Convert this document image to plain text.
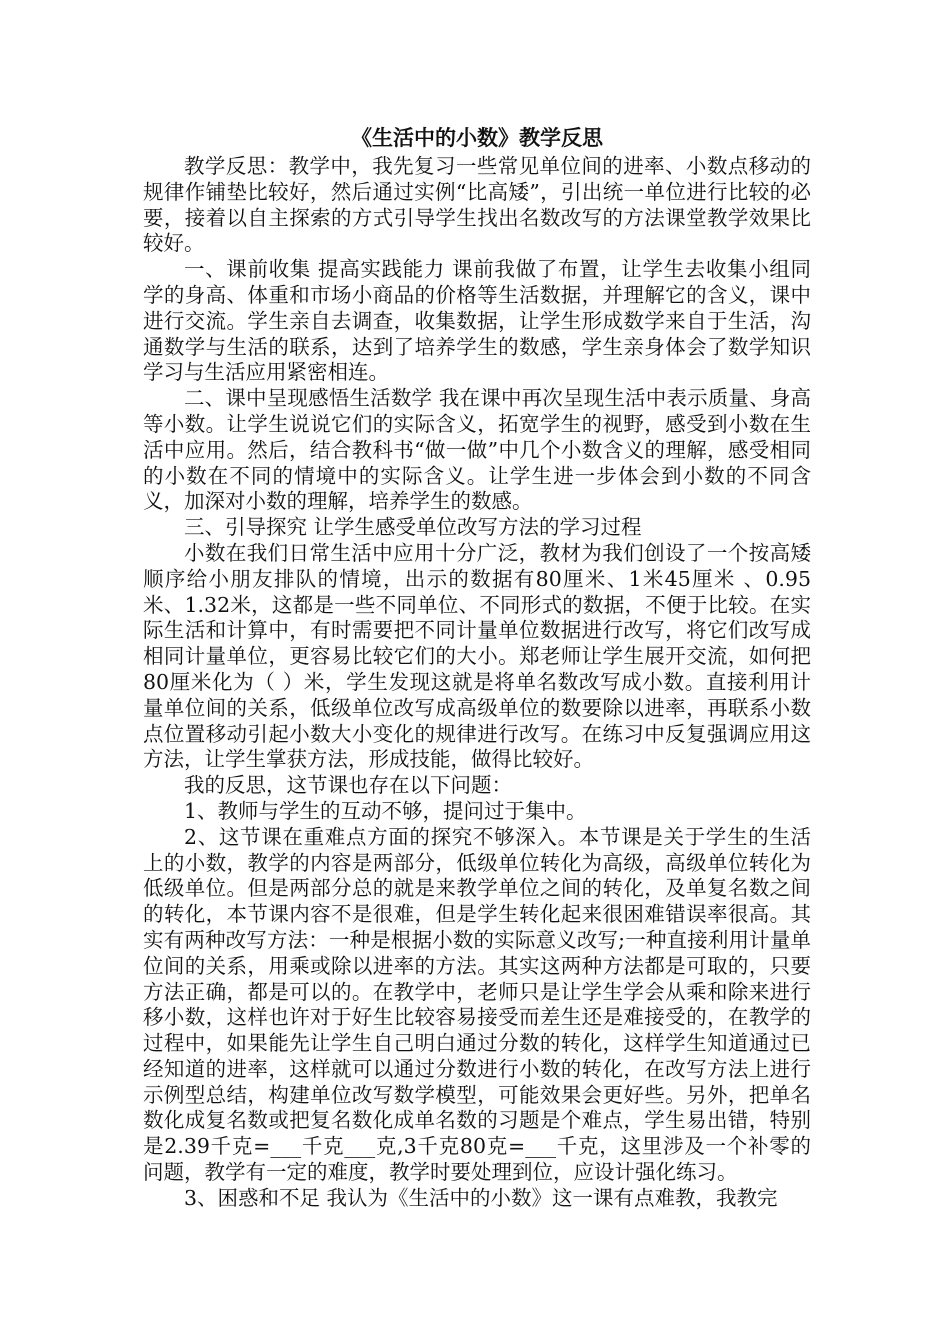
《生活中的小数》教学反思

教学反思：教学中，我先复习一些常见单位间的进率、小数点移动的规律作铺垫比较好，然后通过实例“比高矮”，引出统一单位进行比较的必要，接着以自主探索的方式引导学生找出名数改写的方法课堂教学效果比较好。

一、课前收集 提高实践能力 课前我做了布置，让学生去收集小组同学的身高、体重和市场小商品的价格等生活数据，并理解它的含义，课中进行交流。学生亲自去调查，收集数据，让学生形成数学来自于生活，沟通数学与生活的联系，达到了培养学生的数感，学生亲身体会了数学知识学习与生活应用紧密相连。

二、课中呈现感悟生活数学 我在课中再次呈现生活中表示质量、身高等小数。让学生说说它们的实际含义，拓宽学生的视野，感受到小数在生活中应用。然后，结合教科书“做一做”中几个小数含义的理解，感受相同的小数在不同的情境中的实际含义。让学生进一步体会到小数的不同含义，加深对小数的理解，培养学生的数感。

三、引导探究 让学生感受单位改写方法的学习过程

小数在我们日常生活中应用十分广泛，教材为我们创设了一个按高矮顺序给小朋友排队的情境，出示的数据有80厘米、1米45厘米 、0.95米、1.32米，这都是一些不同单位、不同形式的数据，不便于比较。在实际生活和计算中，有时需要把不同计量单位数据进行改写，将它们改写成相同计量单位，更容易比较它们的大小。郑老师让学生展开交流，如何把80厘米化为（ ）米，学生发现这就是将单名数改写成小数。直接利用计量单位间的关系，低级单位改写成高级单位的数要除以进率，再联系小数点位置移动引起小数大小变化的规律进行改写。在练习中反复强调应用这方法，让学生掌获方法，形成技能，做得比较好。

我的反思，这节课也存在以下问题：

1、教师与学生的互动不够，提问过于集中。

2、这节课在重难点方面的探究不够深入。本节课是关于学生的生活上的小数，教学的内容是两部分，低级单位转化为高级，高级单位转化为低级单位。但是两部分总的就是来教学单位之间的转化，及单复名数之间的转化，本节课内容不是很难，但是学生转化起来很困难错误率很高。其实有两种改写方法：一种是根据小数的实际意义改写;一种直接利用计量单位间的关系，用乘或除以进率的方法。其实这两种方法都是可取的，只要方法正确，都是可以的。在教学中，老师只是让学生学会从乘和除来进行移小数，这样也许对于好生比较容易接受而差生还是难接受的，在教学的过程中，如果能先让学生自己明白通过分数的转化，这样学生知道通过已经知道的进率，这样就可以通过分数进行小数的转化，在改写方法上进行示例型总结，构建单位改写数学模型，可能效果会更好些。另外，把单名数化成复名数或把复名数化成单名数的习题是个难点，学生易出错，特别是2.39千克=___千克___克,3千克80克=___千克，这里涉及一个补零的问题，教学有一定的难度，教学时要处理到位，应设计强化练习。

3、困惑和不足 我认为《生活中的小数》这一课有点难教，我教完
